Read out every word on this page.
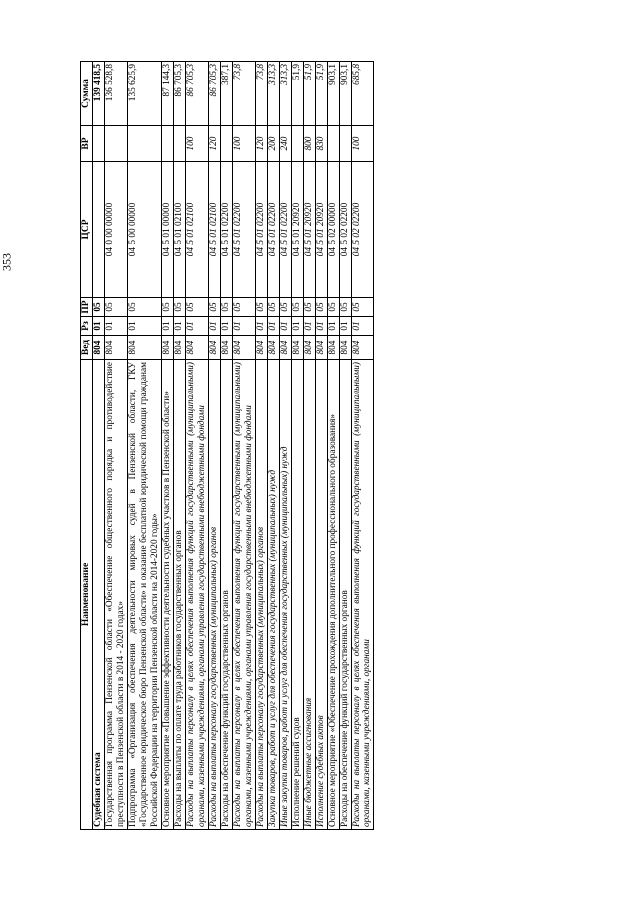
353
Наименование	Вед	Рз	ПР	ЦСР	ВР	Сумма
Судебная система	804	01	05			139 418,5
Государственная программа Пензенской области «Обеспечение общественного порядка и противодействие преступности в Пензенской области в 2014 - 2020 годах»	804	01	05	04 0 00 00000		136 528,8
Подпрограмма «Организация обеспечения деятельности мировых судей в Пензенской области, ГКУ «Государственное юридическое бюро Пензенской области» и оказание бесплатной юридической помощи гражданам Российской Федерации на территории Пензенской области на 2014-2020 годы»	804	01	05	04 5 00 00000		135 625,9
Основное мероприятие «Повышение эффективности деятельности судебных участков в Пензенской области»	804	01	05	04 5 01 00000		87 144,3
Расходы на выплаты по оплате труда работников государственных органов	804	01	05	04 5 01 02100		86 705,3
Расходы на выплаты персоналу в целях обеспечения выполнения функций государственными (муниципальными) органами, казенными учреждениями, органами управления государственными внебюджетными фондами	804	01	05	04 5 01 02100	100	86 705,3
Расходы на выплаты персоналу государственных (муниципальных) органов	804	01	05	04 5 01 02100	120	86 705,3
Расходы на обеспечение функций государственных органов	804	01	05	04 5 01 02200		387,1
Расходы на выплаты персоналу в целях обеспечения выполнения функций государственными (муниципальными) органами, казенными учреждениями, органами управления государственными внебюджетными фондами	804	01	05	04 5 01 02200	100	73,8
Расходы на выплаты персоналу государственных (муниципальных) органов	804	01	05	04 5 01 02200	120	73,8
Закупка товаров, работ и услуг для обеспечения государственных (муниципальных) нужд	804	01	05	04 5 01 02200	200	313,3
Иные закупки товаров, работ и услуг для обеспечения государственных (муниципальных) нужд	804	01	05	04 5 01 02200	240	313,3
Исполнение решений судов	804	01	05	04 5 01 20920		51,9
Иные бюджетные ассигнования	804	01	05	04 5 01 20920	800	51,9
Исполнение судебных актов	804	01	05	04 5 01 20920	830	51,9
Основное мероприятие «Обеспечение прохождения дополнительного профессионального образования»	804	01	05	04 5 02 00000		903,1
Расходы на обеспечение функций государственных органов	804	01	05	04 5 02 02200		903,1
Расходы на выплаты персоналу в целях обеспечения выполнения функций государственными (муниципальными) органами, казенными учреждениями, органами	804	01	05	04 5 02 02200	100	685,8
